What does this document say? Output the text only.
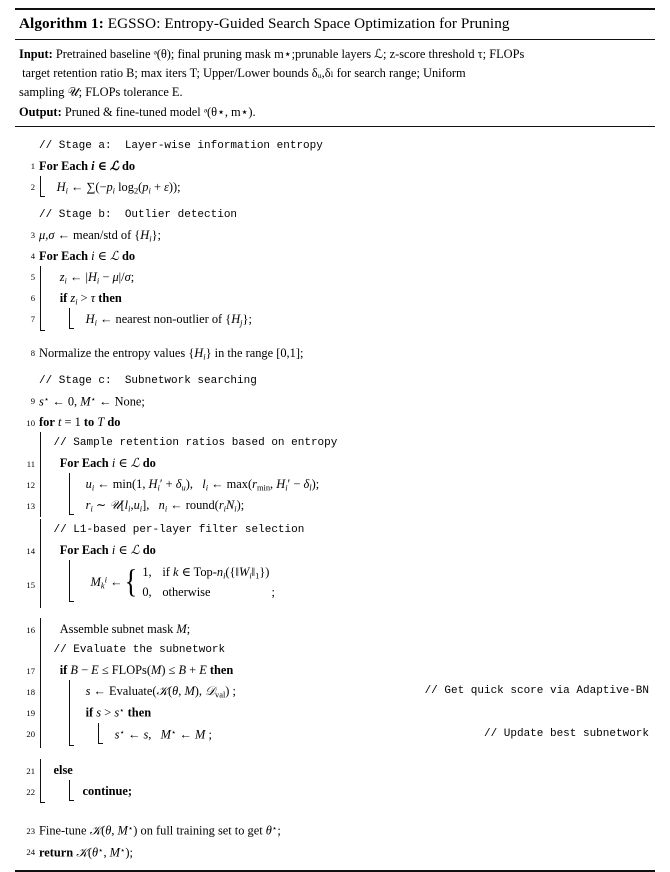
Algorithm 1: EGSSO: Entropy-Guided Search Space Optimization for Pruning
Input: Pretrained baseline ᵊ(θ); final pruning mask m⋆;prunable layers ℒ; z-score threshold τ; FLOPs
target retention ratio B; max iters T; Upper/Lower bounds δᵤ,δₗ for search range; Uniform
sampling 𝒰; FLOPs tolerance E.
Output: Pruned & fine-tuned model ᵊ(θ⋆, m⋆).
// Stage a:  Layer-wise information entropy
1 For Each i ∈ ℒ do
2	$H_i$ ← $\sum(-p_i$ $\log_2(p_i + \varepsilon)$);
// Stage b:  Outlier detection
3 μ,σ ← mean/std of $\{H_i\}$;
4 For Each i ∈ ℒ do
5	$z_i$ ← $|H_i - \mu|/\sigma$;
6	if $z_i > \tau$ then
7	$H_i$ ← nearest non-outlier of $\{H_j\}$;
8 Normalize the entropy values $\{H_i\}$ in the range [0,1];
// Stage c:  Subnetwork searching
9 s⋆ ← 0, M⋆ ← None;
10 for t = 1 to T do
// Sample retention ratios based on entropy
11	For Each i ∈ ℒ do
12	$u_i$ ← min(1, $H_i' + \delta_u$),   $l_i$ ← $\max(r_{min}$, $H_i' - \delta_l$);
13	$r_i$ ∼ $𝒰[l_i,u_i]$,   $n_i$ ← $round(r_iN_i)$;
// L1-based per-layer filter selection
14	For Each i ∈ ℒ do
15	$M_k^i$ ← { 1, if k ∈ Top-$n_i(\{‖W_i‖_1\})$
0, otherwise	;
16	Assemble subnet mask M;
// Evaluate the subnetwork
17	if B − E ≤ FLOPs(M) ≤ B + E then
18	s ← Evaluate(𝒦(θ, M), 𝒟$_{val}$) ;	// Get quick score via Adaptive-BN
19	if s > s⋆ then
20	s⋆ ← s,   M⋆ ← M ;	// Update best subnetwork
21	else
22	continue;
23 Fine-tune 𝒦(θ, M⋆) on full training set to get θ⋆;
24 return 𝒦(θ⋆, M⋆);
